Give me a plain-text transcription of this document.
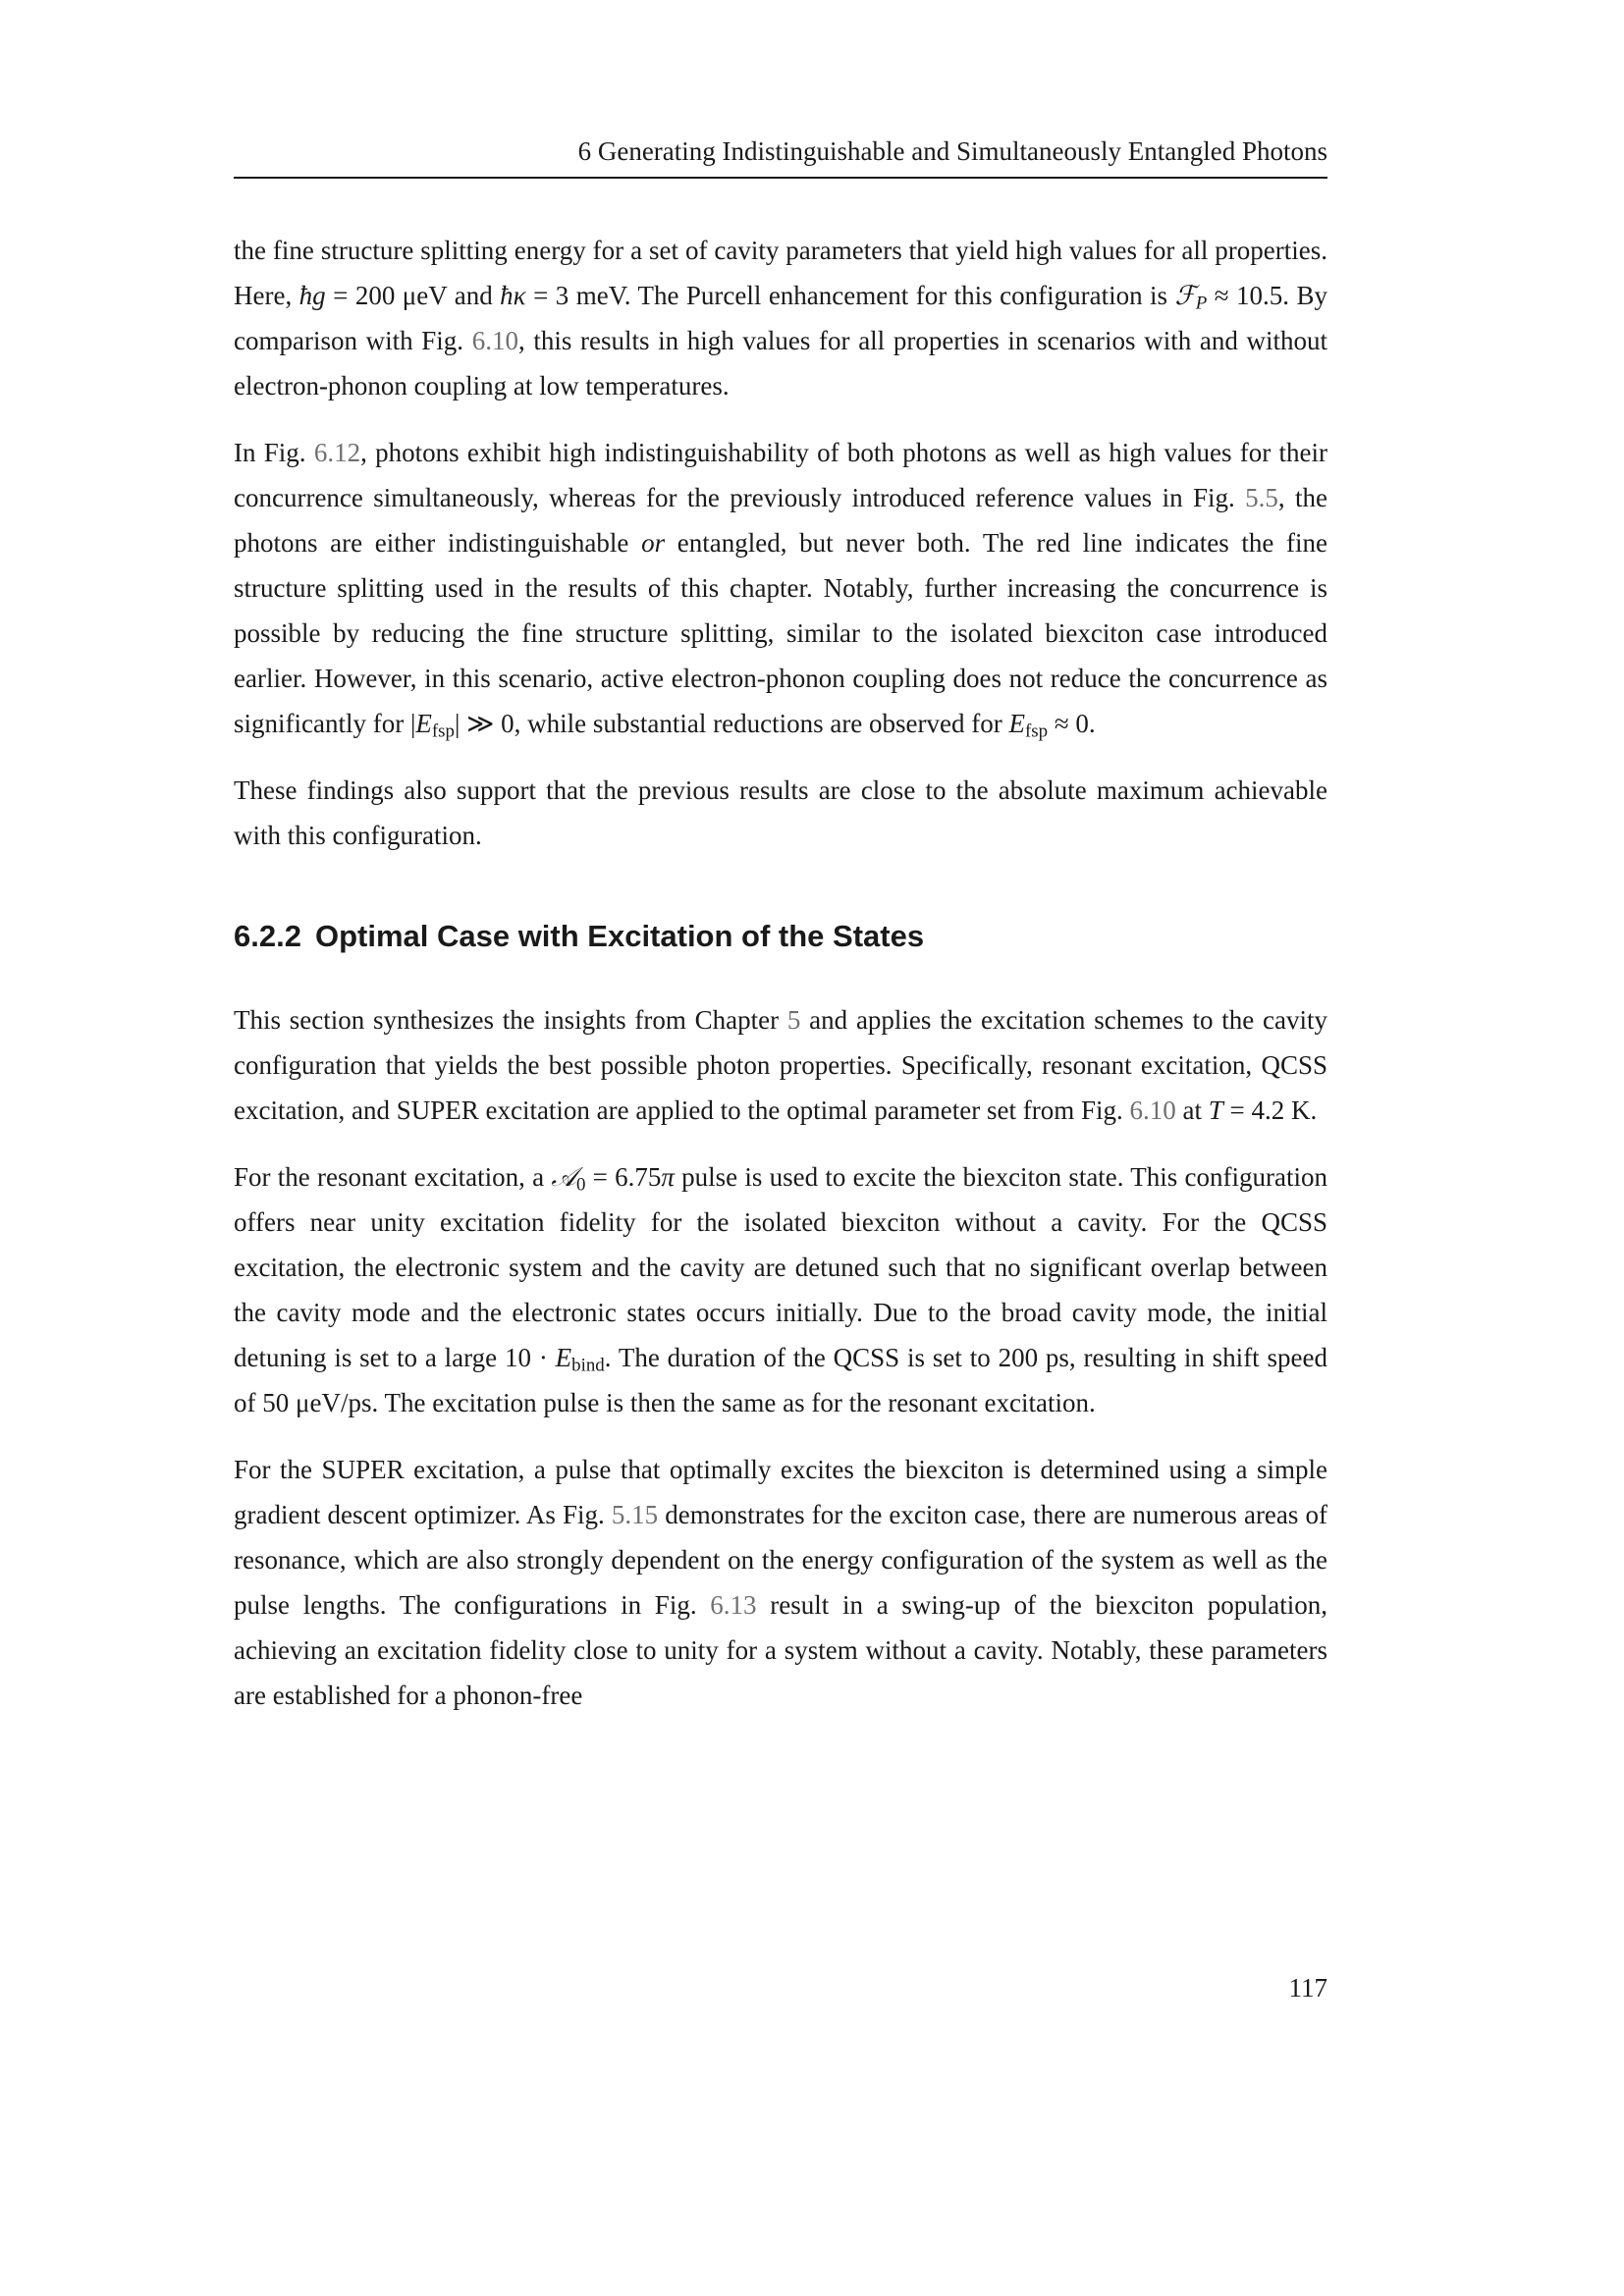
6 Generating Indistinguishable and Simultaneously Entangled Photons

the fine structure splitting energy for a set of cavity parameters that yield high values for all properties. Here, ħg = 200 μeV and ħκ = 3 meV. The Purcell enhancement for this configuration is ℱ$_P$ ≈ 10.5. By comparison with Fig. 6.10, this results in high values for all properties in scenarios with and without electron-phonon coupling at low temperatures.

In Fig. 6.12, photons exhibit high indistinguishability of both photons as well as high values for their concurrence simultaneously, whereas for the previously introduced reference values in Fig. 5.5, the photons are either indistinguishable or entangled, but never both. The red line indicates the fine structure splitting used in the results of this chapter. Notably, further increasing the concurrence is possible by reducing the fine structure splitting, similar to the isolated biexciton case introduced earlier. However, in this scenario, active electron-phonon coupling does not reduce the concurrence as significantly for $|E_{fsp}|$ ≫ 0, while substantial reductions are observed for $E_{fsp} \approx 0$.

These findings also support that the previous results are close to the absolute maximum achievable with this configuration.

6.2.2 Optimal Case with Excitation of the States

This section synthesizes the insights from Chapter 5 and applies the excitation schemes to the cavity configuration that yields the best possible photon properties. Specifically, resonant excitation, QCSS excitation, and SUPER excitation are applied to the optimal parameter set from Fig. 6.10 at T = 4.2 K.

For the resonant excitation, a 𝒜$_0$ = 6.75π pulse is used to excite the biexciton state. This configuration offers near unity excitation fidelity for the isolated biexciton without a cavity. For the QCSS excitation, the electronic system and the cavity are detuned such that no significant overlap between the cavity mode and the electronic states occurs initially. Due to the broad cavity mode, the initial detuning is set to a large $10 \cdot E_{bind}$. The duration of the QCSS is set to 200 ps, resulting in shift speed of 50 μeV/ps. The excitation pulse is then the same as for the resonant excitation.

For the SUPER excitation, a pulse that optimally excites the biexciton is determined using a simple gradient descent optimizer. As Fig. 5.15 demonstrates for the exciton case, there are numerous areas of resonance, which are also strongly dependent on the energy configuration of the system as well as the pulse lengths. The configurations in Fig. 6.13 result in a swing-up of the biexciton population, achieving an excitation fidelity close to unity for a system without a cavity. Notably, these parameters are established for a phonon-free

117
